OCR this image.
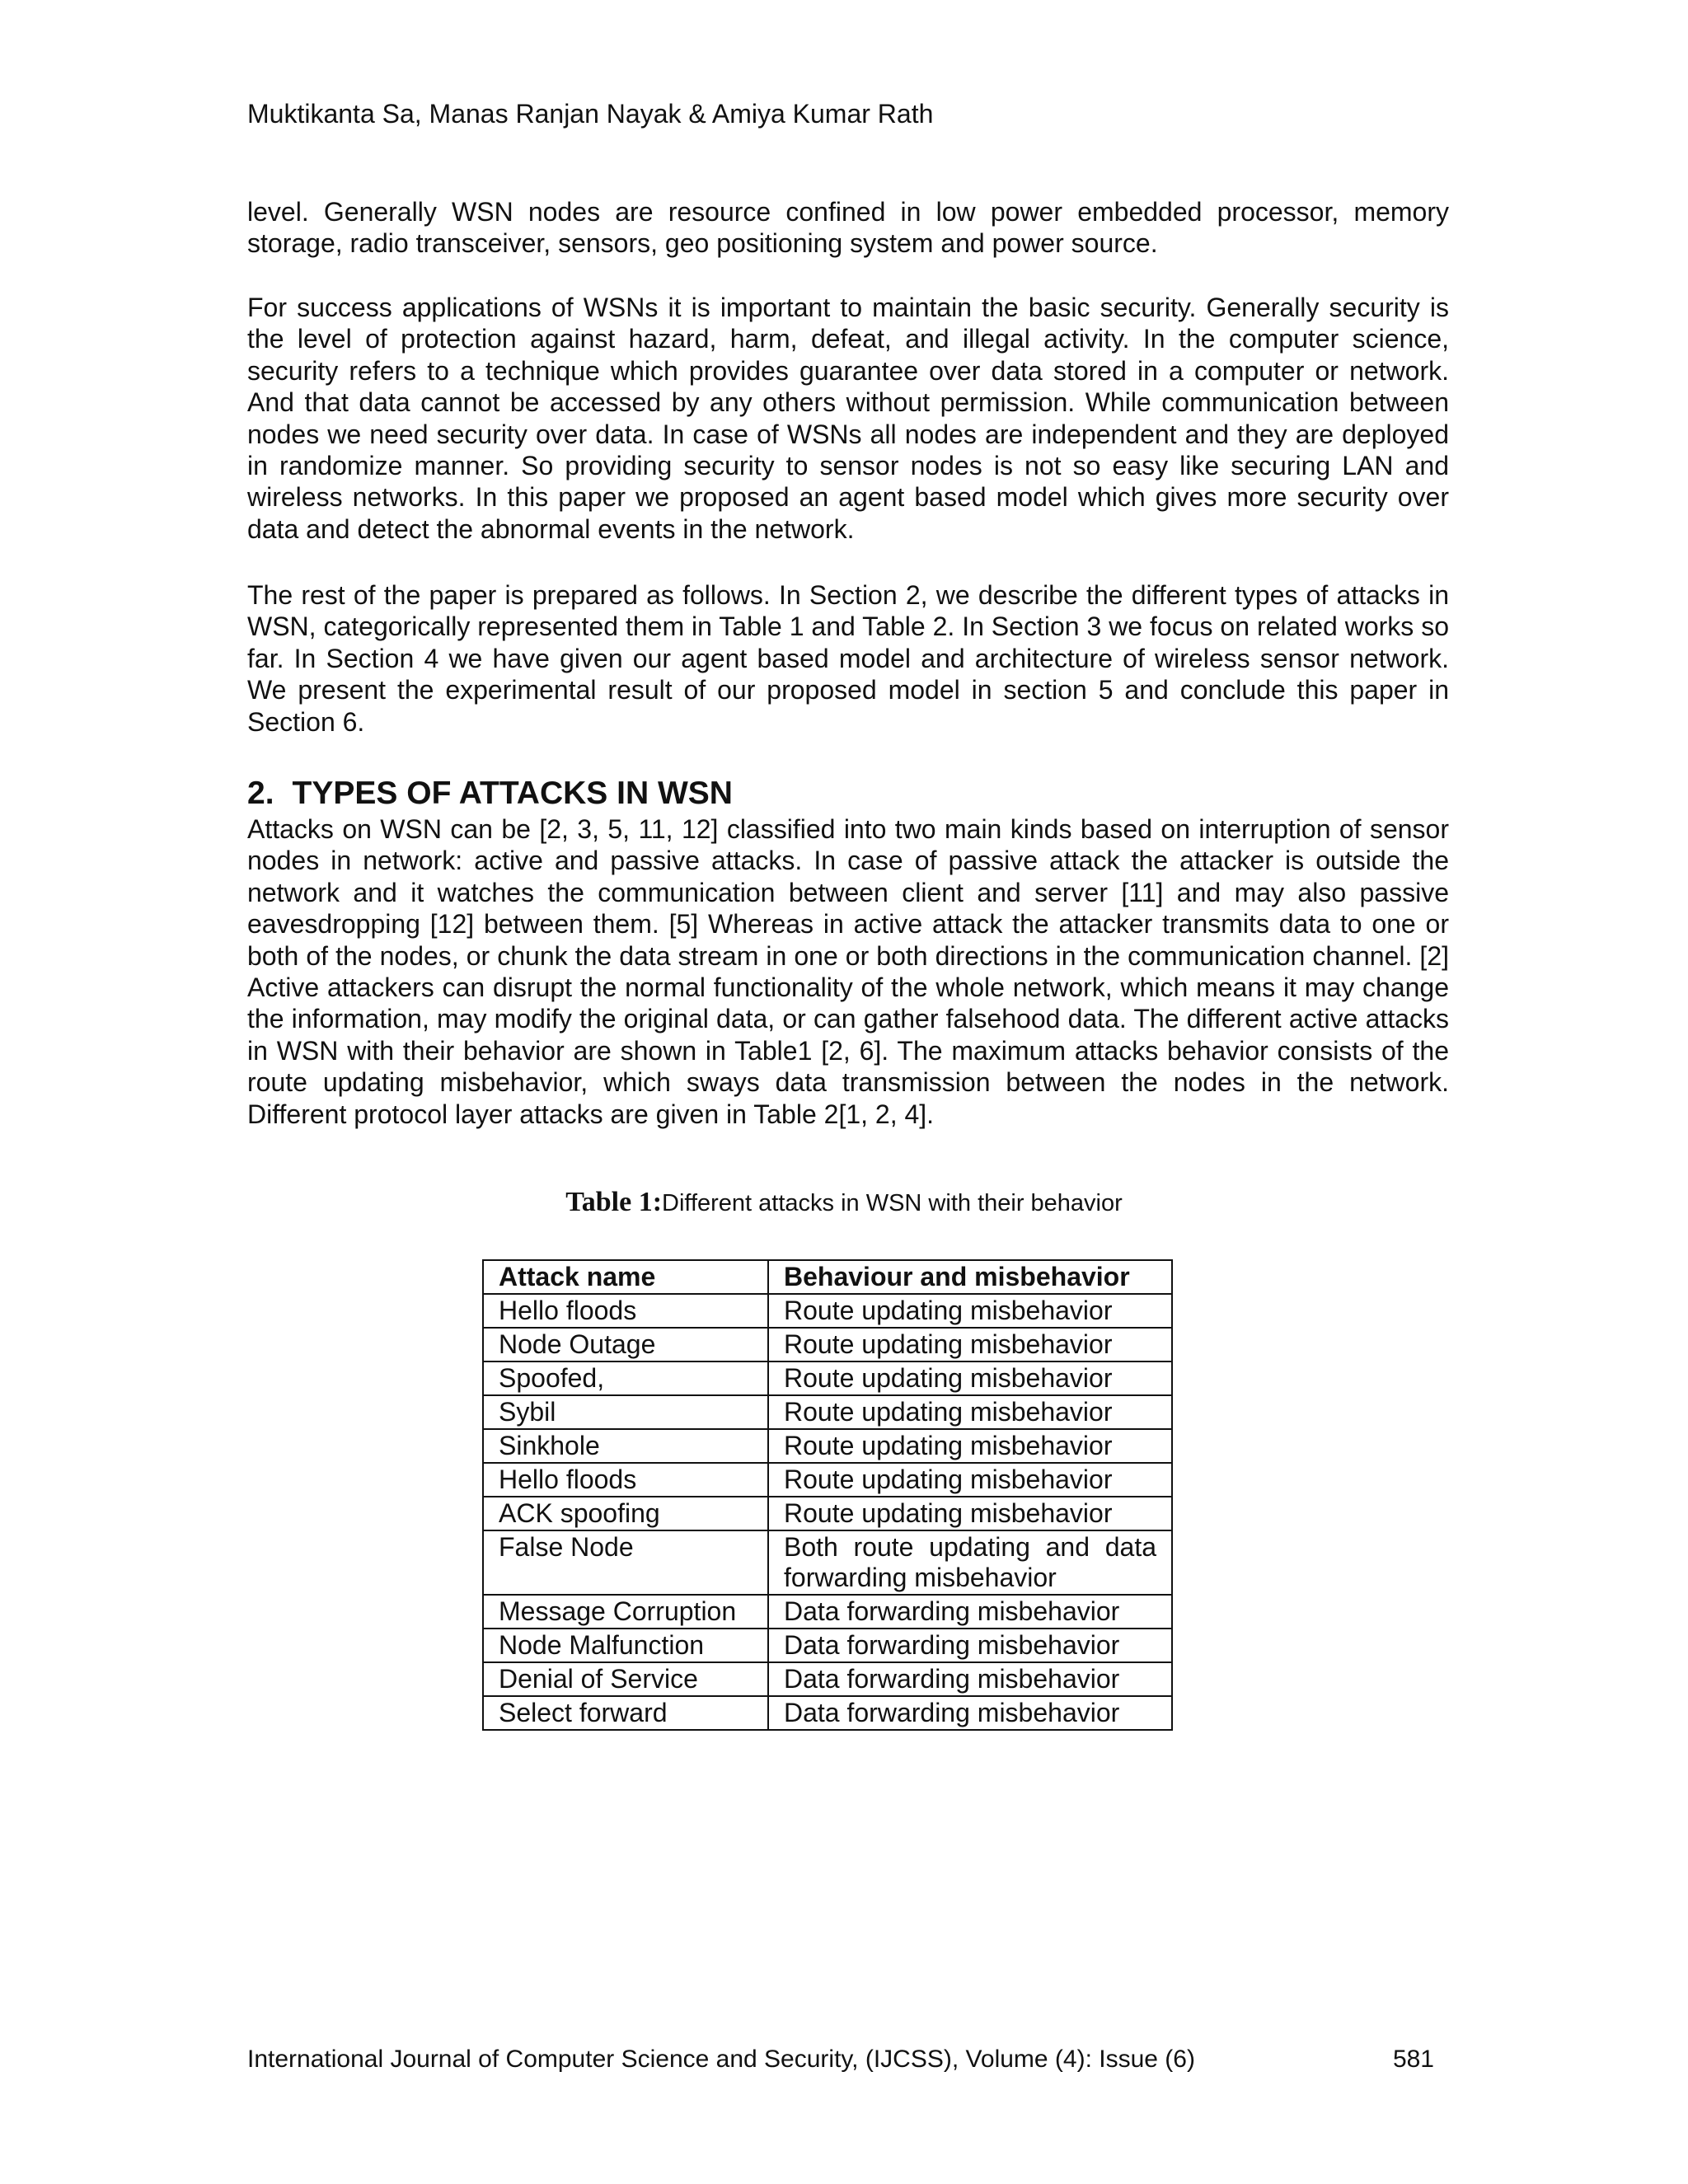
Muktikanta Sa, Manas Ranjan Nayak & Amiya Kumar Rath
level. Generally WSN nodes are resource confined in low power embedded processor, memory storage, radio transceiver, sensors, geo positioning system and power source.
For success applications of WSNs it is important to maintain the basic security. Generally security is the level of protection against hazard, harm, defeat, and illegal activity. In the computer science, security refers to a technique which provides guarantee over data stored in a computer or network. And that data cannot be accessed by any others without permission. While communication between nodes we need security over data. In case of WSNs all nodes are independent and they are deployed in randomize manner. So providing security to sensor nodes is not so easy like securing LAN and wireless networks. In this paper we proposed an agent based model which gives more security over data and detect the abnormal events in the network.
The rest of the paper is prepared as follows. In Section 2, we describe the different types of attacks in WSN, categorically represented them in Table 1 and Table 2. In Section 3 we focus on related works so far. In Section 4 we have given our agent based model and architecture of wireless sensor network. We present the experimental result of our proposed model in section 5 and conclude this paper in Section 6.
2. TYPES OF ATTACKS IN WSN
Attacks on WSN can be [2, 3, 5, 11, 12] classified into two main kinds based on interruption of sensor nodes in network: active and passive attacks. In case of passive attack the attacker is outside the network and it watches the communication between client and server [11] and may also passive eavesdropping [12] between them. [5] Whereas in active attack the attacker transmits data to one or both of the nodes, or chunk the data stream in one or both directions in the communication channel. [2] Active attackers can disrupt the normal functionality of the whole network, which means it may change the information, may modify the original data, or can gather falsehood data. The different active attacks in WSN with their behavior are shown in Table1 [2, 6]. The maximum attacks behavior consists of the route updating misbehavior, which sways data transmission between the nodes in the network. Different protocol layer attacks are given in Table 2[1, 2, 4].
Table 1:Different attacks in WSN with their behavior
Attack name	Behaviour and misbehavior
Hello floods	Route updating misbehavior
Node Outage	Route updating misbehavior
Spoofed,	Route updating misbehavior
Sybil	Route updating misbehavior
Sinkhole	Route updating misbehavior
Hello floods	Route updating misbehavior
ACK spoofing	Route updating misbehavior
False Node	Both route updating and data forwarding misbehavior
Message Corruption	Data forwarding misbehavior
Node Malfunction	Data forwarding misbehavior
Denial of Service	Data forwarding misbehavior
Select forward	Data forwarding misbehavior
International Journal of Computer Science and Security, (IJCSS), Volume (4): Issue (6)	581
